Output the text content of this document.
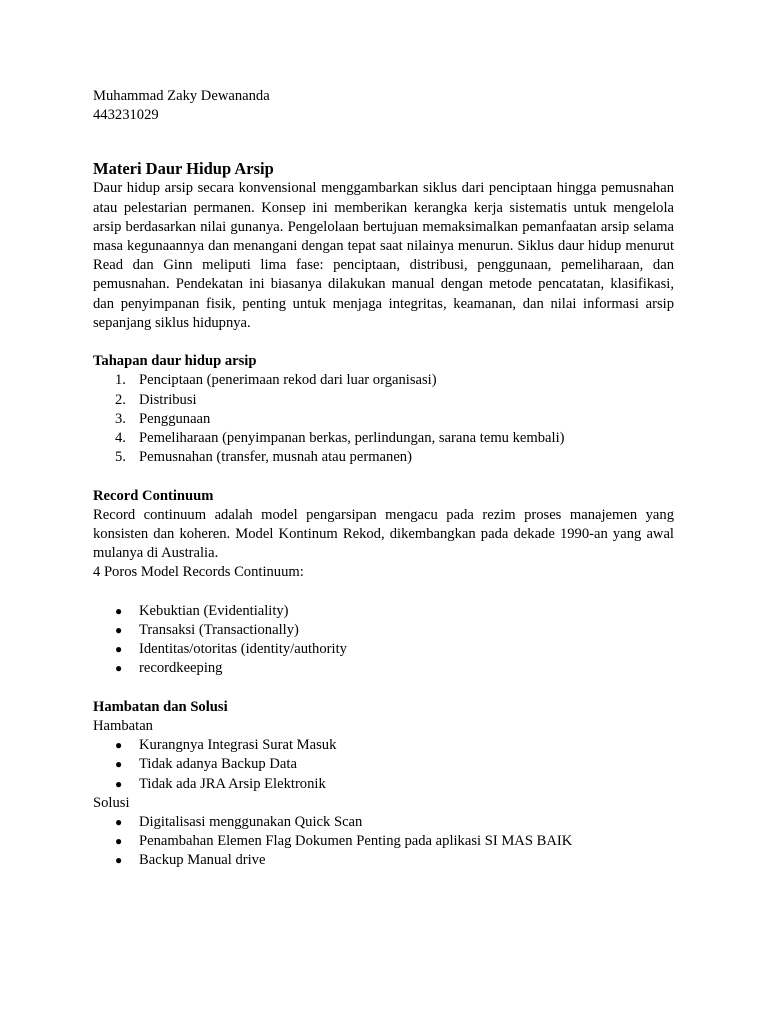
Muhammad Zaky Dewananda

443231029

Materi Daur Hidup Arsip

Daur hidup arsip secara konvensional menggambarkan siklus dari penciptaan hingga pemusnahan atau pelestarian permanen. Konsep ini memberikan kerangka kerja sistematis untuk mengelola arsip berdasarkan nilai gunanya. Pengelolaan bertujuan memaksimalkan pemanfaatan arsip selama masa kegunaannya dan menangani dengan tepat saat nilainya menurun. Siklus daur hidup menurut Read dan Ginn meliputi lima fase: penciptaan, distribusi, penggunaan, pemeliharaan, dan pemusnahan. Pendekatan ini biasanya dilakukan manual dengan metode pencatatan, klasifikasi, dan penyimpanan fisik, penting untuk menjaga integritas, keamanan, dan nilai informasi arsip sepanjang siklus hidupnya.

Tahapan daur hidup arsip
1. Penciptaan (penerimaan rekod dari luar organisasi)
2. Distribusi
3. Penggunaan
4. Pemeliharaan (penyimpanan berkas, perlindungan, sarana temu kembali)
5. Pemusnahan (transfer, musnah atau permanen)
Record Continuum

Record continuum adalah model pengarsipan mengacu pada rezim proses manajemen yang konsisten dan koheren. Model Kontinum Rekod, dikembangkan pada dekade 1990-an yang awal mulanya di Australia.

4 Poros Model Records Continuum:

●	Kebuktian (Evidentiality)
●	Transaksi (Transactionally)
●	Identitas/otoritas (identity/authority
●	recordkeeping
Hambatan dan Solusi

Hambatan

●	Kurangnya Integrasi Surat Masuk
●	Tidak adanya Backup Data
●	Tidak ada JRA Arsip Elektronik

Solusi

●	Digitalisasi menggunakan Quick Scan
●	Penambahan Elemen Flag Dokumen Penting pada aplikasi SI MAS BAIK
●	Backup Manual drive
